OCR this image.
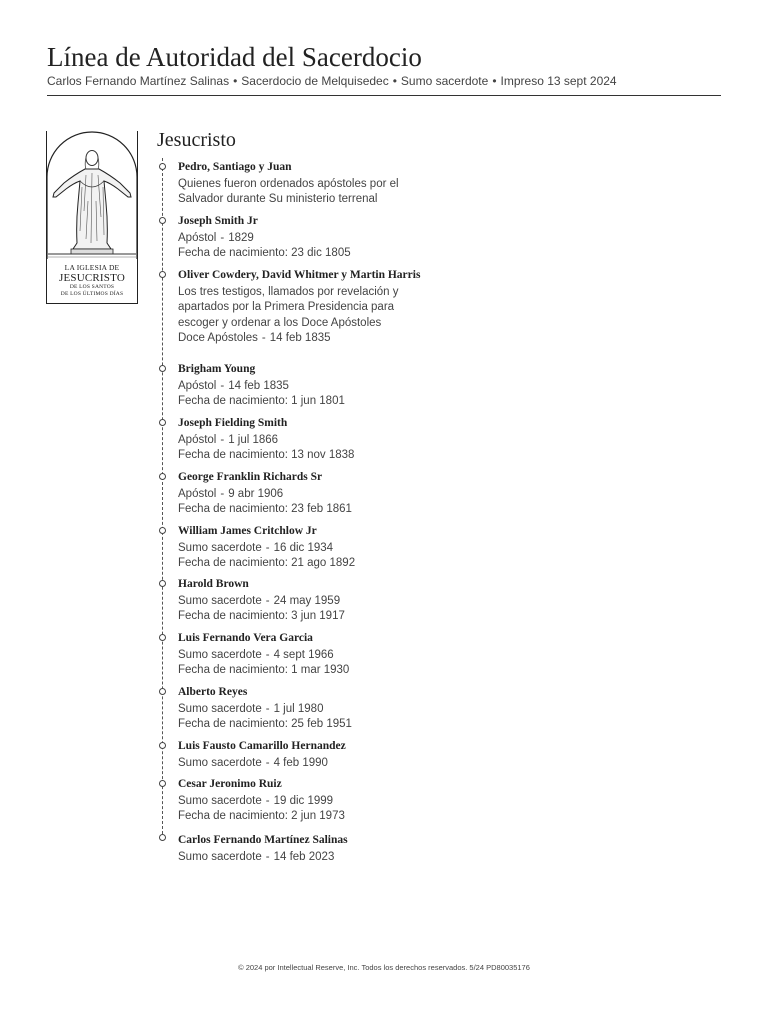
Línea de Autoridad del Sacerdocio
Carlos Fernando Martínez Salinas • Sacerdocio de Melquisedec • Sumo sacerdote • Impreso 13 sept 2024
LA IGLESIA DE
JESUCRISTO
DE LOS SANTOS
DE LOS ÚLTIMOS DÍAS
Jesucristo
Pedro, Santiago y Juan
Quienes fueron ordenados apóstoles por el
Salvador durante Su ministerio terrenal
Joseph Smith Jr
Apóstol - 1829
Fecha de nacimiento: 23 dic 1805
Oliver Cowdery, David Whitmer y Martin Harris
Los tres testigos, llamados por revelación y
apartados por la Primera Presidencia para
escoger y ordenar a los Doce Apóstoles
Doce Apóstoles - 14 feb 1835
Brigham Young
Apóstol - 14 feb 1835
Fecha de nacimiento: 1 jun 1801
Joseph Fielding Smith
Apóstol - 1 jul 1866
Fecha de nacimiento: 13 nov 1838
George Franklin Richards Sr
Apóstol - 9 abr 1906
Fecha de nacimiento: 23 feb 1861
William James Critchlow Jr
Sumo sacerdote - 16 dic 1934
Fecha de nacimiento: 21 ago 1892
Harold Brown
Sumo sacerdote - 24 may 1959
Fecha de nacimiento: 3 jun 1917
Luis Fernando Vera Garcia
Sumo sacerdote - 4 sept 1966
Fecha de nacimiento: 1 mar 1930
Alberto Reyes
Sumo sacerdote - 1 jul 1980
Fecha de nacimiento: 25 feb 1951
Luis Fausto Camarillo Hernandez
Sumo sacerdote - 4 feb 1990
Cesar Jeronimo Ruiz
Sumo sacerdote - 19 dic 1999
Fecha de nacimiento: 2 jun 1973
Carlos Fernando Martínez Salinas
Sumo sacerdote - 14 feb 2023
© 2024 por Intellectual Reserve, Inc. Todos los derechos reservados. 5/24 PD80035176
